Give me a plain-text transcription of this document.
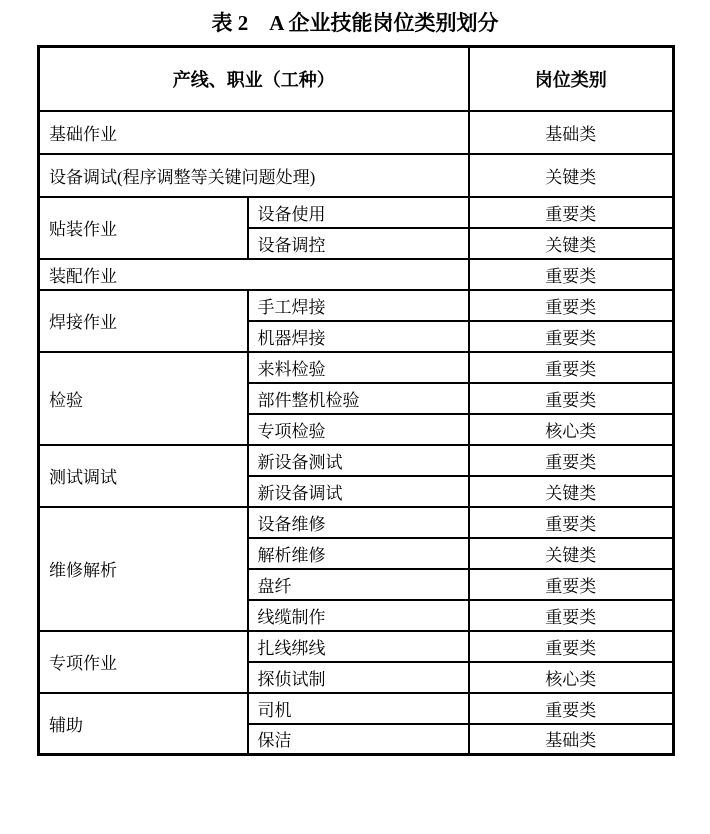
表 2　A 企业技能岗位类别划分
产线、职业（工种）		岗位类别
基础作业		基础类
设备调试(程序调整等关键问题处理)		关键类
贴装作业	设备使用	重要类
	设备调控	关键类
装配作业		重要类
焊接作业	手工焊接	重要类
	机器焊接	重要类
检验	来料检验	重要类
	部件整机检验	重要类
	专项检验	核心类
测试调试	新设备测试	重要类
	新设备调试	关键类
维修解析	设备维修	重要类
	解析维修	关键类
	盘纤	重要类
	线缆制作	重要类
专项作业	扎线绑线	重要类
	探侦试制	核心类
辅助	司机	重要类
	保洁	基础类
